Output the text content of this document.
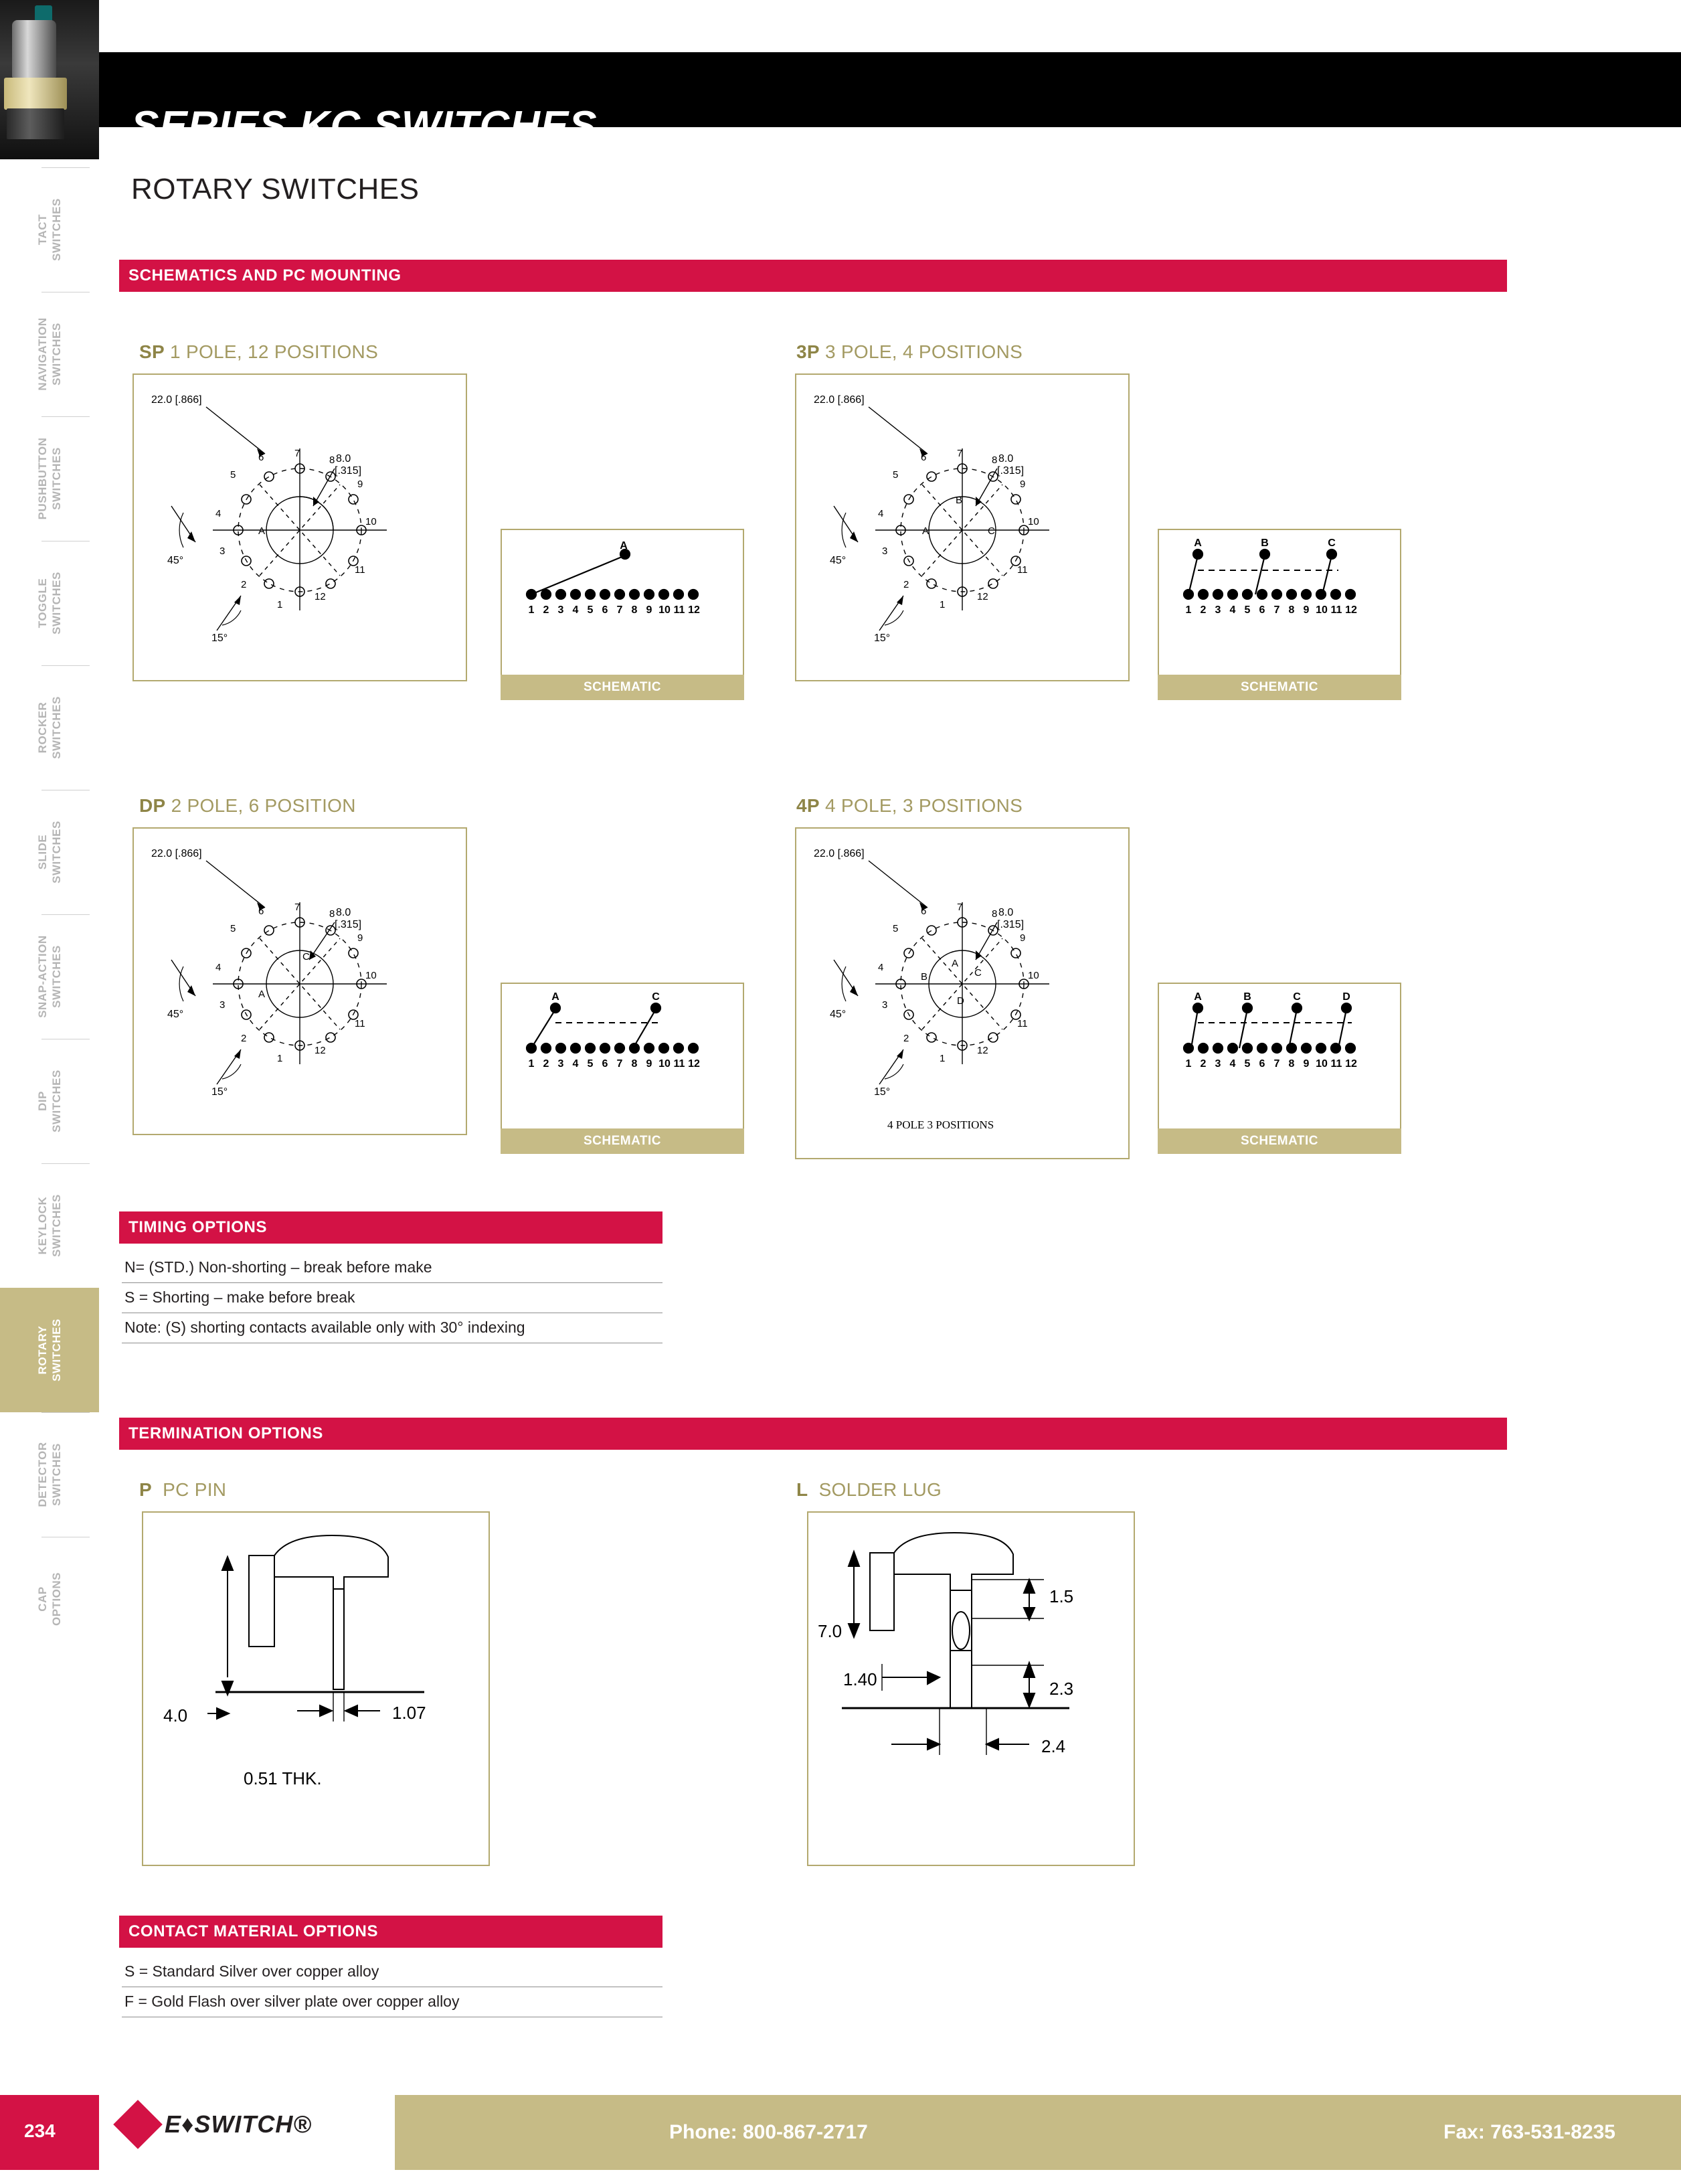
TACT SWITCHES
NAVIGATION SWITCHES
PUSHBUTTON SWITCHES
TOGGLE SWITCHES
ROCKER SWITCHES
SLIDE SWITCHES
SNAP-ACTION SWITCHES
DIP SWITCHES
KEYLOCK SWITCHES
ROTARY SWITCHES
DETECTOR SWITCHES
CAP OPTIONS
SERIES KC SWITCHES
ROTARY SWITCHES
SCHEMATICS AND PC MOUNTING
SP 1 POLE, 12 POSITIONS
6	7
8
9
10
11
12
1
2
3
4
5
A
22.0 [.866]
8.0
[.315]
45°
15°
A
1 2 3 4 5 6 7 8 9 10 11 12
SCHEMATIC
3P 3 POLE, 4 POSITIONS
6	7
8
9
10
11
12
1
2
3
4
5
A
B
C
22.0 [.866]
8.0
[.315]
45°
15°
A	B	C
1 2 3 4 5 6 7 8 9 10 11 12
SCHEMATIC
DP 2 POLE, 6 POSITION
6	7
8
9
10
11
12
1
2
3
4
5
A
C
22.0 [.866]
8.0
[.315]
45°
15°
A	C
1 2 3 4 5 6 7 8 9 10 11 12
SCHEMATIC
4P 4 POLE, 3 POSITIONS
6	7
8
9
10
11
12
1
2
3
4
5
B
A
C
D
22.0 [.866]
8.0
[.315]
45°
15°
4 POLE 3 POSITIONS
A	B	C	D
1 2 3 4 5 6 7 8 9 10 11 12
SCHEMATIC
TIMING OPTIONS
N= (STD.) Non-shorting – break before make
S = Shorting – make before break
Note: (S) shorting contacts available only with 30° indexing
TERMINATION OPTIONS
P PC PIN
4.0	1.07
0.51 THK.
L SOLDER LUG
7.0
1.5
2.3
1.40
2.4
CONTACT MATERIAL OPTIONS
S = Standard Silver over copper alloy
F = Gold Flash over silver plate over copper alloy
234	E♦SWITCH®	Phone: 800-867-2717	Fax: 763-531-8235
